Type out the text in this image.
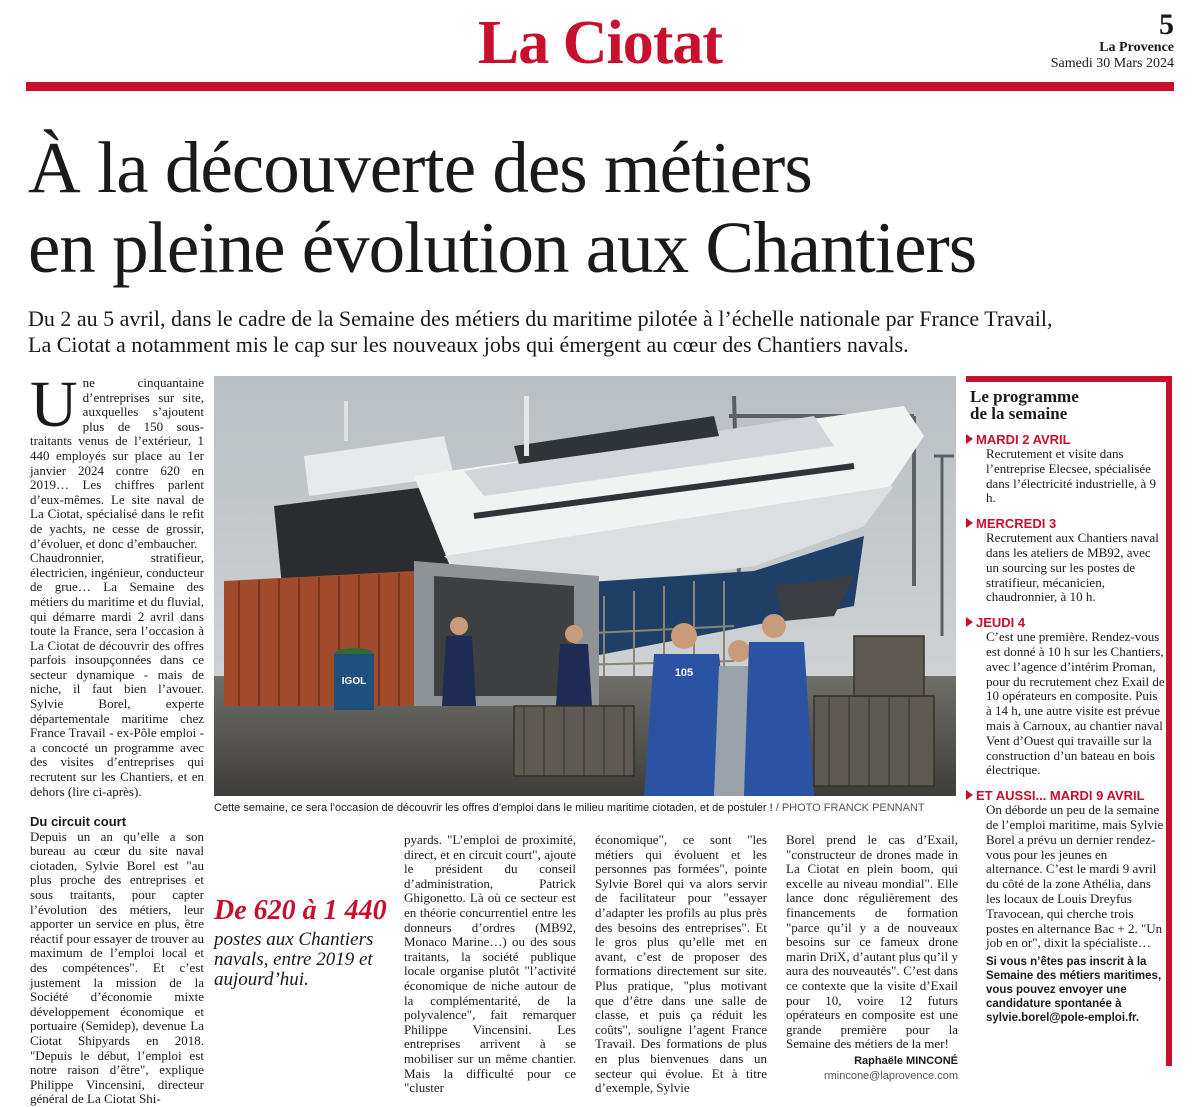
La Ciotat	5
La Provence
Samedi 30 Mars 2024
À la découverte des métiers
en pleine évolution aux Chantiers
Du 2 au 5 avril, dans le cadre de la Semaine des métiers du maritime pilotée à l’échelle nationale par France Travail,
La Ciotat a notamment mis le cap sur les nouveaux jobs qui émergent au cœur des Chantiers navals.
U ne cinquantaine d’entreprises sur site, auxquelles s’ajoutent plus de 150 sous-traitants venus de l’extérieur, 1 440 employés sur place au 1er janvier 2024 contre 620 en 2019… Les chiffres parlent d’eux-mêmes. Le site naval de La Ciotat, spécialisé dans le refit de yachts, ne cesse de grossir, d’évoluer, et donc d’embaucher.

Chaudronnier, stratifieur, électricien, ingénieur, conducteur de grue… La Semaine des métiers du maritime et du fluvial, qui démarre mardi 2 avril dans toute la France, sera l’occasion à La Ciotat de découvrir des offres parfois insoupçonnées dans ce secteur dynamique - mais de niche, il faut bien l’avouer. Sylvie Borel, experte départementale maritime chez France Travail - ex-Pôle emploi - a concocté un programme avec des visites d’entreprises qui recrutent sur les Chantiers, et en dehors (lire ci-après).

Du circuit court

Depuis un an qu’elle a son bureau au cœur du site naval ciotaden, Sylvie Borel est "au plus proche des entreprises et sous traitants, pour capter l’évolution des métiers, leur apporter un service en plus, être réactif pour essayer de trouver au maximum de l’emploi local et des compétences". Et c’est justement la mission de la Société d’économie mixte développement économique et portuaire (Semidep), devenue La Ciotat Shipyards en 2018. "Depuis le début, l’emploi est notre raison d’être", explique Philippe Vincensini, directeur général de La Ciotat Shi-

IGOL
105
Cette semaine, ce sera l’occasion de découvrir les offres d’emploi dans le milieu maritime ciotaden, et de postuler ! / PHOTO FRANCK PENNANT
De 620 à 1 440
postes aux Chantiers navals, entre 2019 et aujourd’hui.

pyards. "L’emploi de proximité, direct, et en circuit court", ajoute le président du conseil d’administration, Patrick Ghigonetto. Là où ce secteur est en théorie concurrentiel entre les donneurs d’ordres (MB92, Monaco Marine…) ou des sous traitants, la société publique locale organise plutôt "l’activité économique de niche autour de la complémentarité, de la polyvalence", fait remarquer Philippe Vincensini. Les entreprises arrivent à se mobiliser sur un même chantier. Mais la difficulté pour ce "cluster

économique", ce sont "les métiers qui évoluent et les personnes pas formées", pointe Sylvie Borel qui va alors servir de facilitateur pour "essayer d’adapter les profils au plus près des besoins des entreprises". Et le gros plus qu’elle met en avant, c’est de proposer des formations directement sur site. Plus pratique, "plus motivant que d’être dans une salle de classe, et puis ça réduit les coûts", souligne l’agent France Travail. Des formations de plus en plus bienvenues dans un secteur qui évolue. Et à titre d’exemple, Sylvie

Borel prend le cas d’Exail, "constructeur de drones made in La Ciotat en plein boom, qui excelle au niveau mondial". Elle lance donc régulièrement des financements de formation "parce qu’il y a de nouveaux besoins sur ce fameux drone marin DriX, d’autant plus qu’il y aura des nouveautés". C’est dans ce contexte que la visite d’Exail pour 10, voire 12 futurs opérateurs en composite est une grande première pour la Semaine des métiers de la mer!

Raphaële MINCONÉ
rmincone@laprovence.com
Le programme
de la semaine
MARDI 2 AVRIL
Recrutement et visite dans l’entreprise Elecsee, spécialisée dans l’électricité industrielle, à 9 h.
MERCREDI 3
Recrutement aux Chantiers naval dans les ateliers de MB92, avec un sourcing sur les postes de stratifieur, mécanicien, chaudronnier, à 10 h.
JEUDI 4
C’est une première. Rendez-vous est donné à 10 h sur les Chantiers, avec l’agence d’intérim Proman, pour du recrutement chez Exail de 10 opérateurs en composite. Puis à 14 h, une autre visite est prévue mais à Carnoux, au chantier naval Vent d’Ouest qui travaille sur la construction d’un bateau en bois électrique.
ET AUSSI... MARDI 9 AVRIL
On déborde un peu de la semaine de l’emploi maritime, mais Sylvie Borel a prévu un dernier rendez-vous pour les jeunes en alternance. C’est le mardi 9 avril du côté de la zone Athélia, dans les locaux de Louis Dreyfus Travocean, qui cherche trois postes en alternance Bac + 2. "Un job en or", dixit la spécialiste…
Si vous n’êtes pas inscrit à la Semaine des métiers maritimes, vous pouvez envoyer une candidature spontanée à sylvie.borel@pole-emploi.fr.
